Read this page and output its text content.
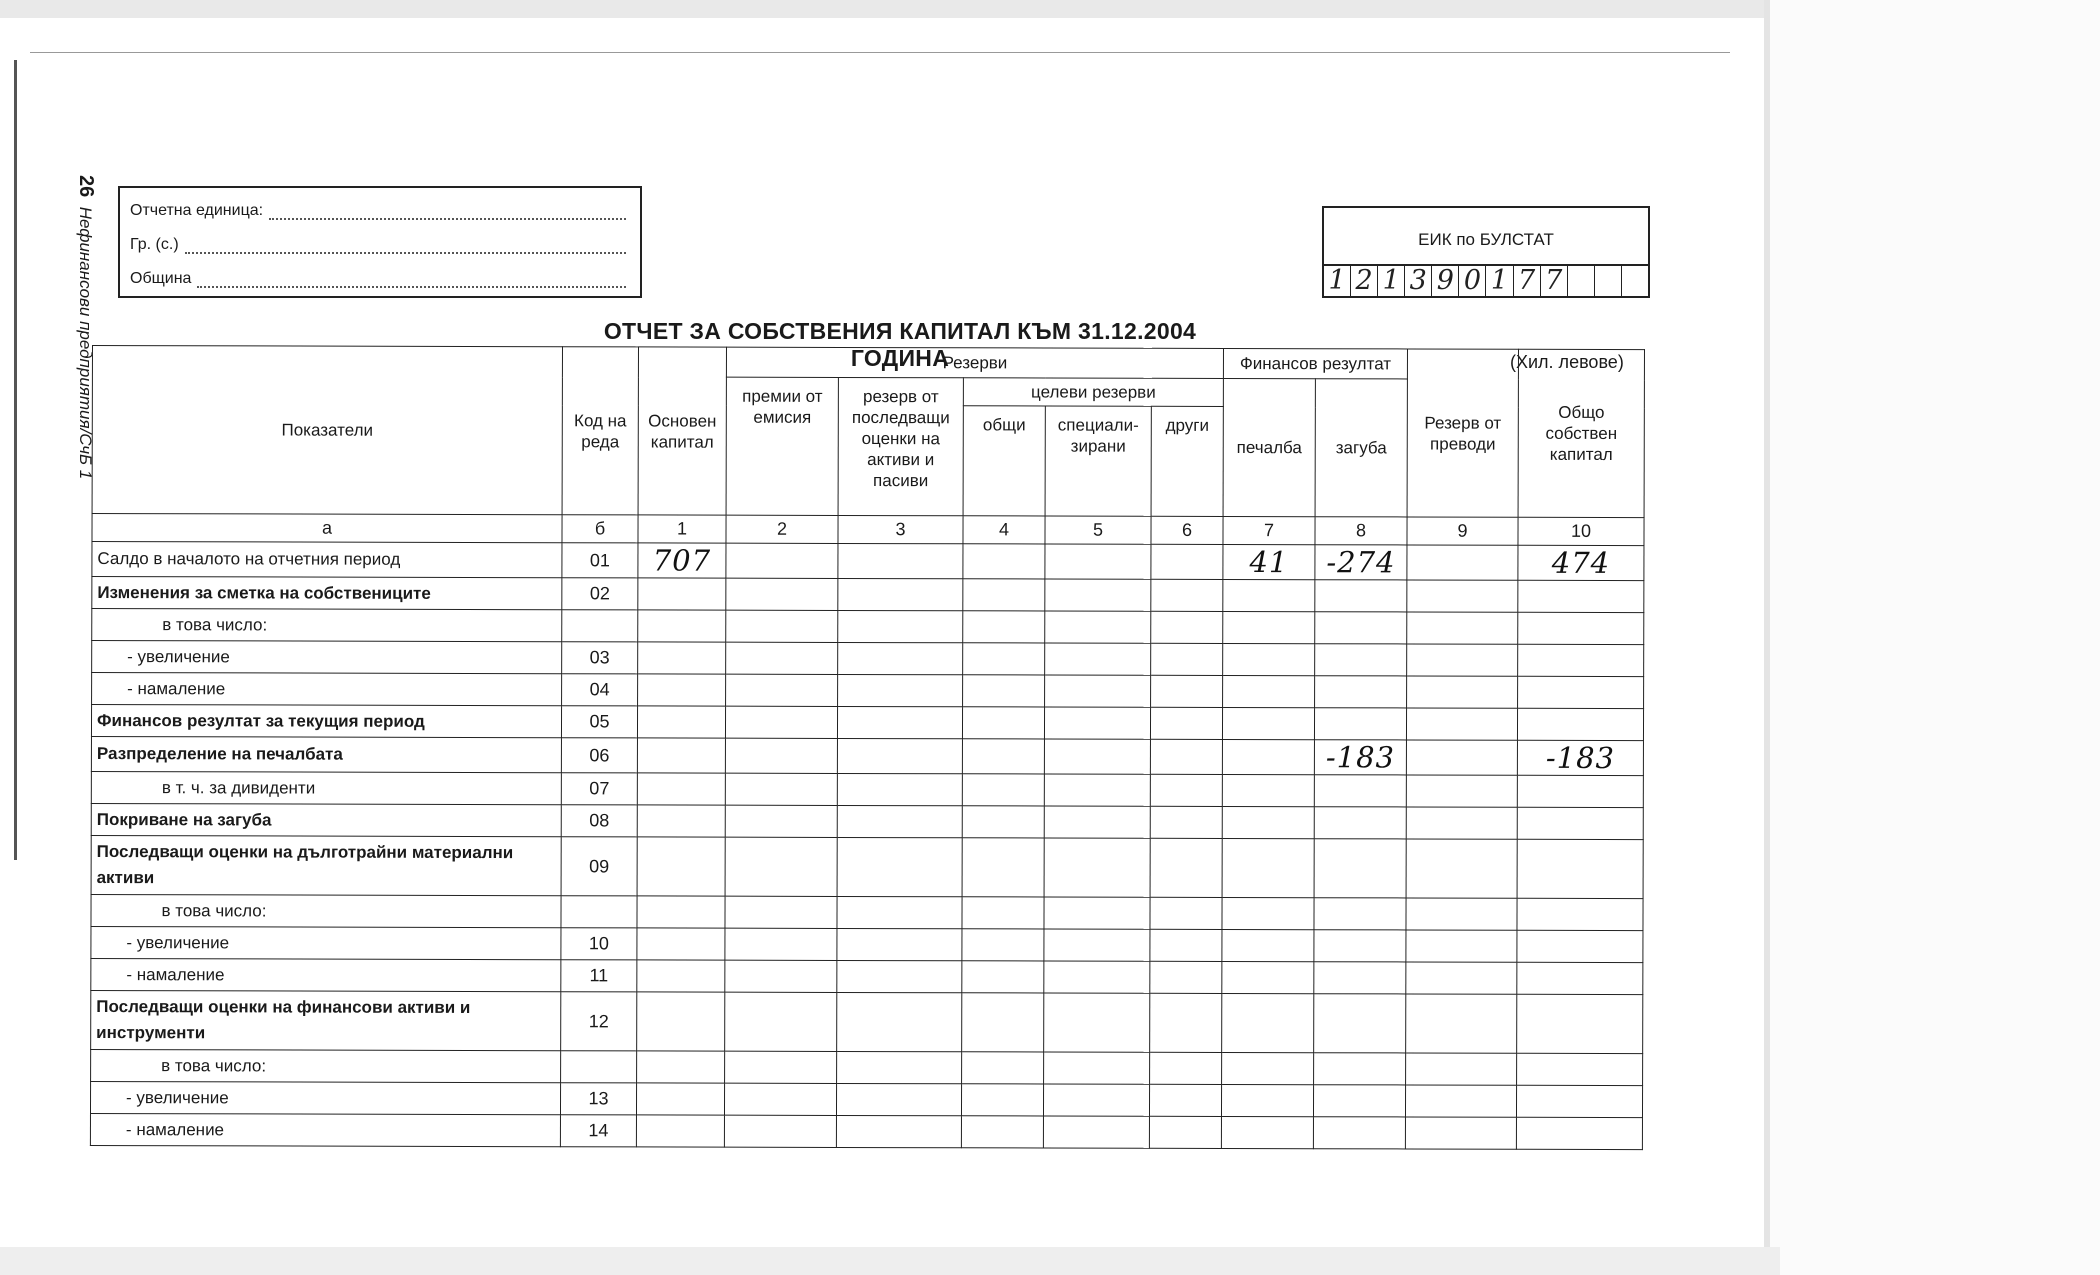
26  Нефинансови предприятия/СчБ 1 Отчетна единица:
Гр. (с.)
Община
ЕИК по БУЛСТАТ
1 2 1 3 9 0 1 7 7
ОТЧЕТ ЗА СОБСТВЕНИЯ КАПИТАЛ КЪМ 31.12.2004 ГОДИНА	(Хил. левове)
Показатели	Код на реда	Основен капитал	Резерви					Финансов резултат		Резерв от преводи	Общо собствен капитал
			премии от емисия	резерв от последващи оценки на активи и пасиви	целеви резерви			печалба	загуба		
					общи	специали-зирани	други				
а	б	1	2	3	4	5	6	7	8	9	10
Салдо в началото на отчетния период	01	707						41	-274		474
Изменения за сметка на собствениците	02										
в това число:											
- увеличение	03										
- намаление	04										
Финансов резултат за текущия период	05										
Разпределение на печалбата	06								-183		-183
в т. ч. за дивиденти	07										
Покриване на загуба	08										
Последващи оценки на дълготрайни материални активи	09										
в това число:											
- увеличение	10										
- намаление	11										
Последващи оценки на финансови активи и инструменти	12										
в това число:											
- увеличение	13										
- намаление	14										
